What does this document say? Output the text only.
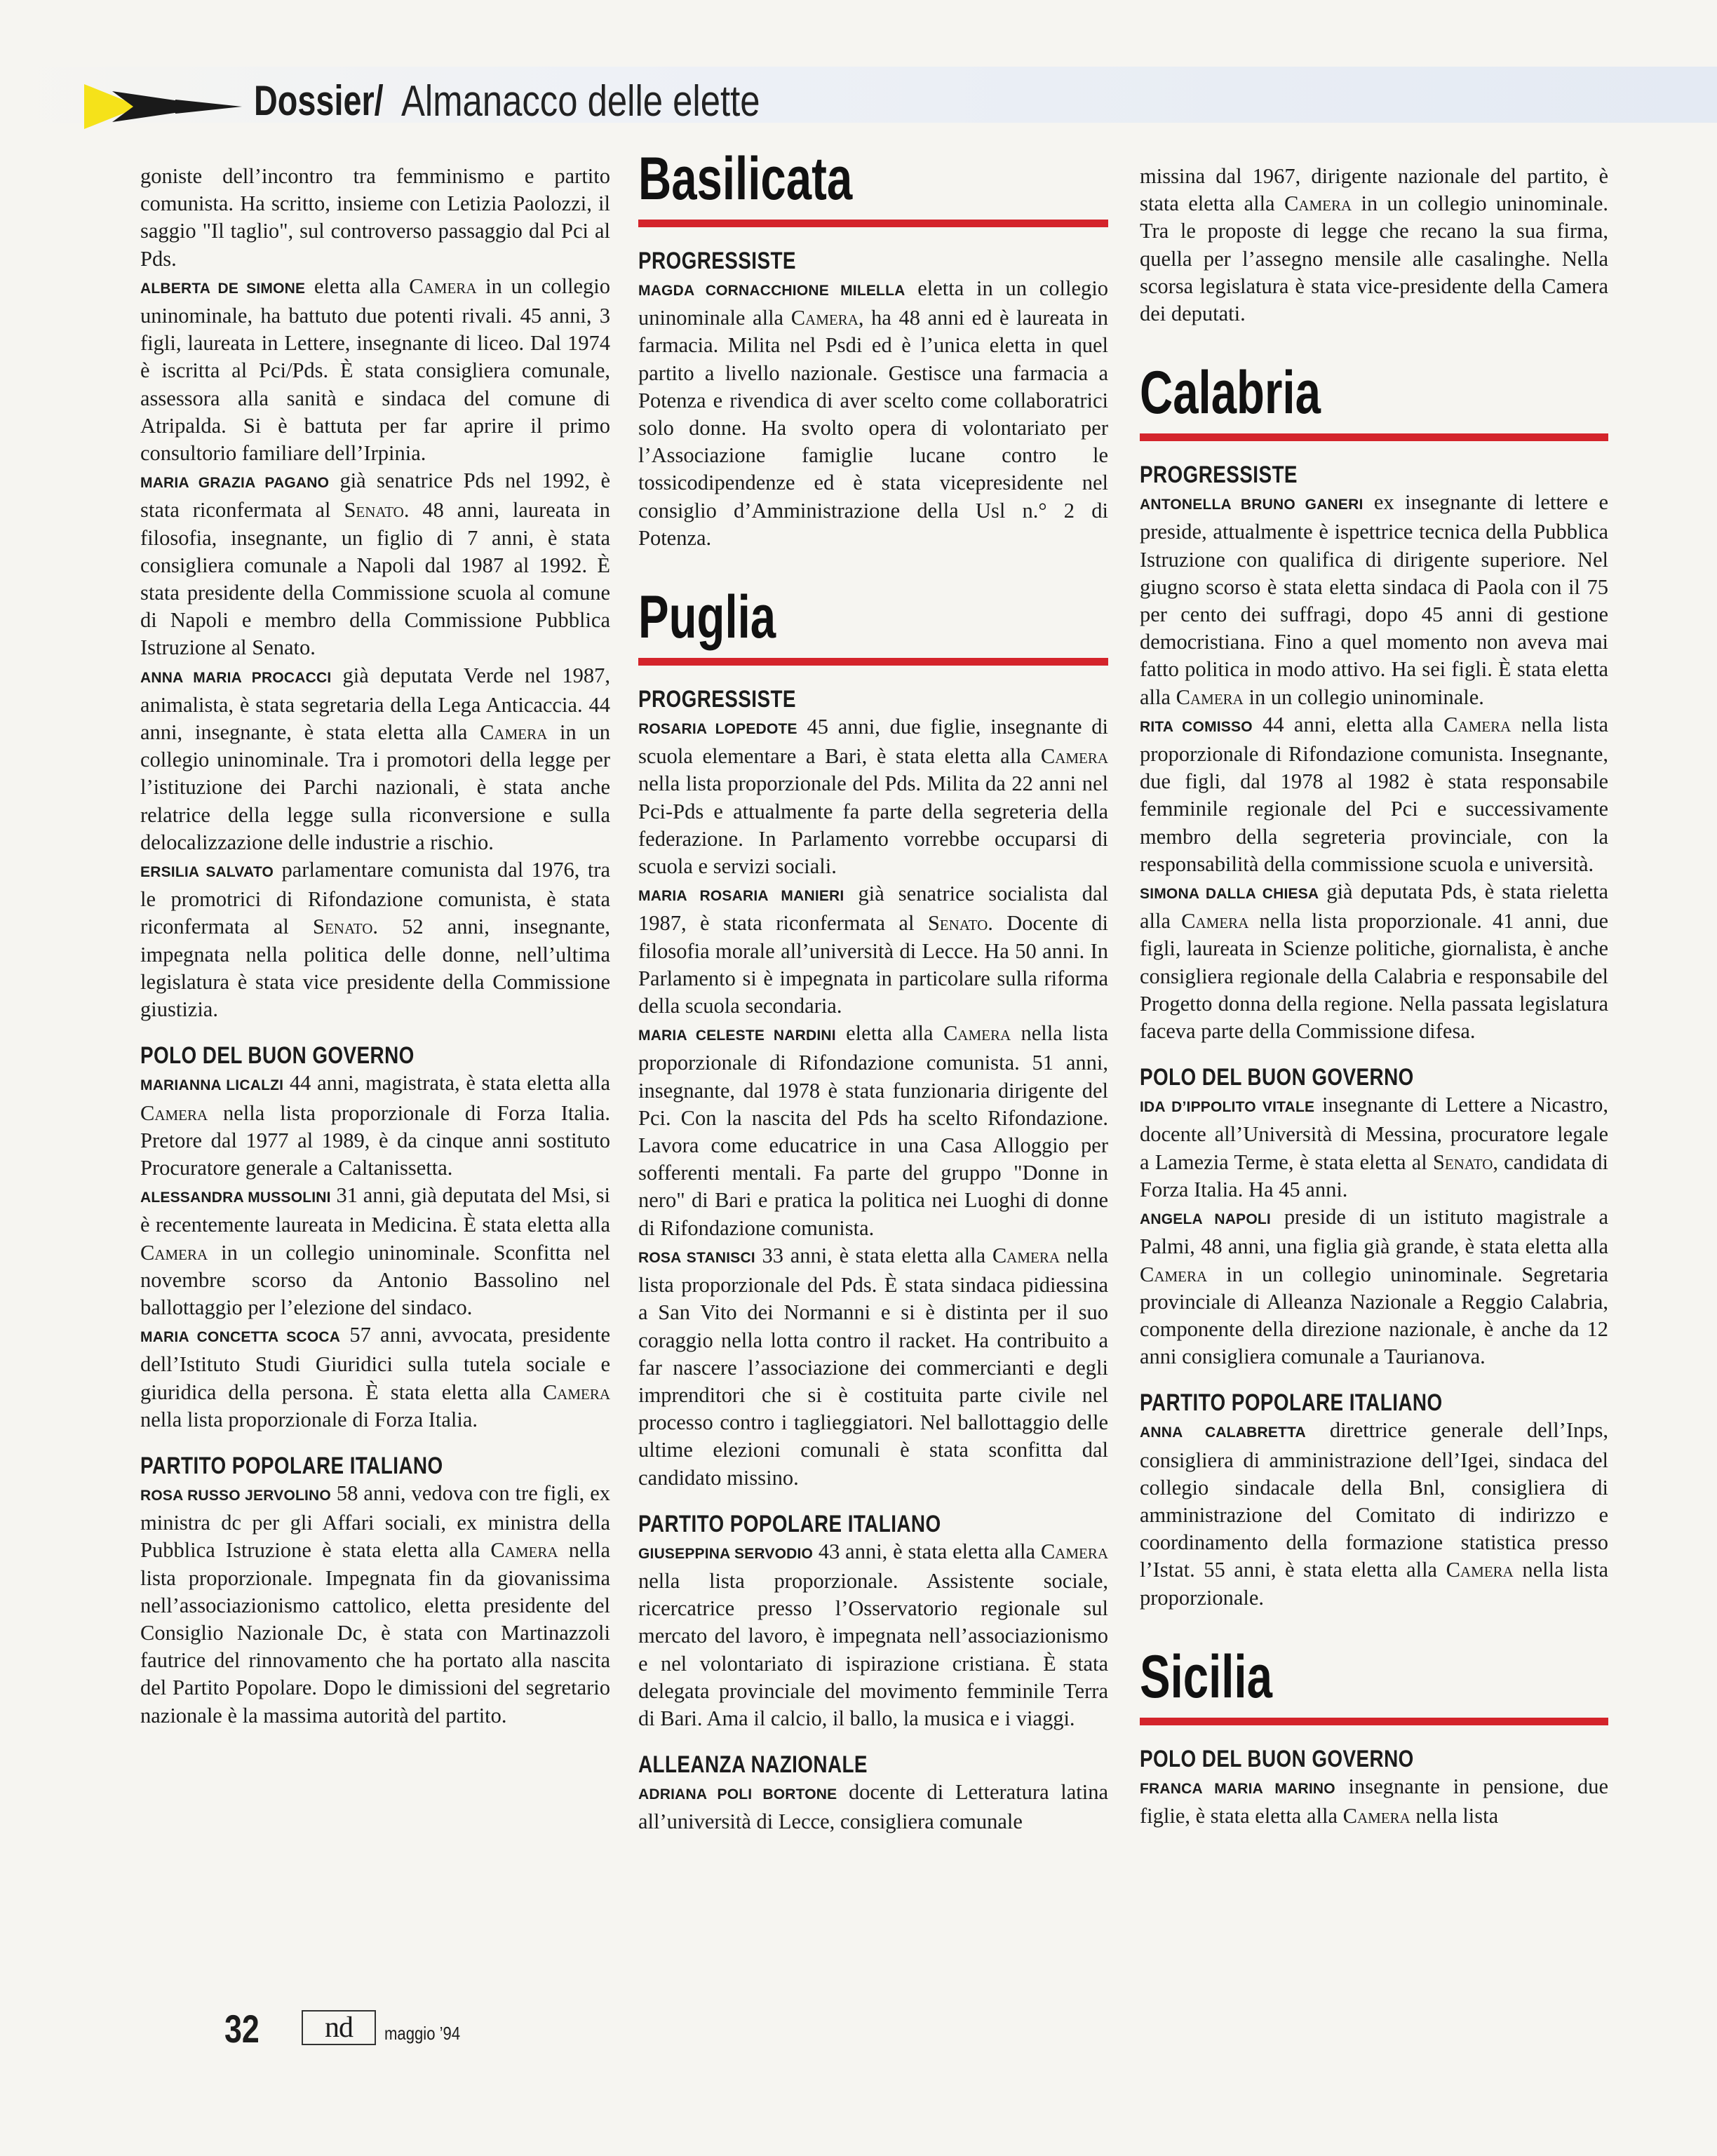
Dossier/ Almanacco delle elette

goniste dell’incontro tra femminismo e partito comunista. Ha scritto, insieme con Letizia Paolozzi, il saggio "Il taglio", sul controverso passaggio dal Pci al Pds.

ALBERTA DE SIMONE eletta alla Camera in un collegio uninominale, ha battuto due potenti rivali. 45 anni, 3 figli, laureata in Lettere, insegnante di liceo. Dal 1974 è iscritta al Pci/Pds. È stata consigliera comunale, assessora alla sanità e sindaca del comune di Atripalda. Si è battuta per far aprire il primo consultorio familiare dell’Irpinia.

MARIA GRAZIA PAGANO già senatrice Pds nel 1992, è stata riconfermata al Senato. 48 anni, laureata in filosofia, insegnante, un figlio di 7 anni, è stata consigliera comunale a Napoli dal 1987 al 1992. È stata presidente della Commissione scuola al comune di Napoli e membro della Commissione Pubblica Istruzione al Senato.

ANNA MARIA PROCACCI già deputata Verde nel 1987, animalista, è stata segretaria della Lega Anticaccia. 44 anni, insegnante, è stata eletta alla Camera in un collegio uninominale. Tra i promotori della legge per l’istituzione dei Parchi nazionali, è stata anche relatrice della legge sulla riconversione e sulla delocalizzazione delle industrie a rischio.

ERSILIA SALVATO parlamentare comunista dal 1976, tra le promotrici di Rifondazione comunista, è stata riconfermata al Senato. 52 anni, insegnante, impegnata nella politica delle donne, nell’ultima legislatura è stata vice presidente della Commissione giustizia.

POLO DEL BUON GOVERNO

MARIANNA LICALZI 44 anni, magistrata, è stata eletta alla Camera nella lista proporzionale di Forza Italia. Pretore dal 1977 al 1989, è da cinque anni sostituto Procuratore generale a Caltanissetta.

ALESSANDRA MUSSOLINI 31 anni, già deputata del Msi, si è recentemente laureata in Medicina. È stata eletta alla Camera in un collegio uninominale. Sconfitta nel novembre scorso da Antonio Bassolino nel ballottaggio per l’elezione del sindaco.

MARIA CONCETTA SCOCA 57 anni, avvocata, presidente dell’Istituto Studi Giuridici sulla tutela sociale e giuridica della persona. È stata eletta alla Camera nella lista proporzionale di Forza Italia.

PARTITO POPOLARE ITALIANO

ROSA RUSSO JERVOLINO 58 anni, vedova con tre figli, ex ministra dc per gli Affari sociali, ex ministra della Pubblica Istruzione è stata eletta alla Camera nella lista proporzionale. Impegnata fin da giovanissima nell’associazionismo cattolico, eletta presidente del Consiglio Nazionale Dc, è stata con Martinazzoli fautrice del rinnovamento che ha portato alla nascita del Partito Popolare. Dopo le dimissioni del segretario nazionale è la massima autorità del partito.

Basilicata

PROGRESSISTE

MAGDA CORNACCHIONE MILELLA eletta in un collegio uninominale alla Camera, ha 48 anni ed è laureata in farmacia. Milita nel Psdi ed è l’unica eletta in quel partito a livello nazionale. Gestisce una farmacia a Potenza e rivendica di aver scelto come collaboratrici solo donne. Ha svolto opera di volontariato per l’Associazione famiglie lucane contro le tossicodipendenze ed è stata vicepresidente nel consiglio d’Amministrazione della Usl n.° 2 di Potenza.

Puglia

PROGRESSISTE

ROSARIA LOPEDOTE 45 anni, due figlie, insegnante di scuola elementare a Bari, è stata eletta alla Camera nella lista proporzionale del Pds. Milita da 22 anni nel Pci-Pds e attualmente fa parte della segreteria della federazione. In Parlamento vorrebbe occuparsi di scuola e servizi sociali.

MARIA ROSARIA MANIERI già senatrice socialista dal 1987, è stata riconfermata al Senato. Docente di filosofia morale all’università di Lecce. Ha 50 anni. In Parlamento si è impegnata in particolare sulla riforma della scuola secondaria.

MARIA CELESTE NARDINI eletta alla Camera nella lista proporzionale di Rifondazione comunista. 51 anni, insegnante, dal 1978 è stata funzionaria dirigente del Pci. Con la nascita del Pds ha scelto Rifondazione. Lavora come educatrice in una Casa Alloggio per sofferenti mentali. Fa parte del gruppo "Donne in nero" di Bari e pratica la politica nei Luoghi di donne di Rifondazione comunista.

ROSA STANISCI 33 anni, è stata eletta alla Camera nella lista proporzionale del Pds. È stata sindaca pidiessina a San Vito dei Normanni e si è distinta per il suo coraggio nella lotta contro il racket. Ha contribuito a far nascere l’associazione dei commercianti e degli imprenditori che si è costituita parte civile nel processo contro i taglieggiatori. Nel ballottaggio delle ultime elezioni comunali è stata sconfitta dal candidato missino.

PARTITO POPOLARE ITALIANO

GIUSEPPINA SERVODIO 43 anni, è stata eletta alla Camera nella lista proporzionale. Assistente sociale, ricercatrice presso l’Osservatorio regionale sul mercato del lavoro, è impegnata nell’associazionismo e nel volontariato di ispirazione cristiana. È stata delegata provinciale del movimento femminile Terra di Bari. Ama il calcio, il ballo, la musica e i viaggi.

ALLEANZA NAZIONALE

ADRIANA POLI BORTONE docente di Letteratura latina all’università di Lecce, consigliera comunale

missina dal 1967, dirigente nazionale del partito, è stata eletta alla Camera in un collegio uninominale. Tra le proposte di legge che recano la sua firma, quella per l’assegno mensile alle casalinghe. Nella scorsa legislatura è stata vice-presidente della Camera dei deputati.

Calabria

PROGRESSISTE

ANTONELLA BRUNO GANERI ex insegnante di lettere e preside, attualmente è ispettrice tecnica della Pubblica Istruzione con qualifica di dirigente superiore. Nel giugno scorso è stata eletta sindaca di Paola con il 75 per cento dei suffragi, dopo 45 anni di gestione democristiana. Fino a quel momento non aveva mai fatto politica in modo attivo. Ha sei figli. È stata eletta alla Camera in un collegio uninominale.

RITA COMISSO 44 anni, eletta alla Camera nella lista proporzionale di Rifondazione comunista. Insegnante, due figli, dal 1978 al 1982 è stata responsabile femminile regionale del Pci e successivamente membro della segreteria provinciale, con la responsabilità della commissione scuola e università.

SIMONA DALLA CHIESA già deputata Pds, è stata rieletta alla Camera nella lista proporzionale. 41 anni, due figli, laureata in Scienze politiche, giornalista, è anche consigliera regionale della Calabria e responsabile del Progetto donna della regione. Nella passata legislatura faceva parte della Commissione difesa.

POLO DEL BUON GOVERNO

IDA D’IPPOLITO VITALE insegnante di Lettere a Nicastro, docente all’Università di Messina, procuratore legale a Lamezia Terme, è stata eletta al Senato, candidata di Forza Italia. Ha 45 anni.

ANGELA NAPOLI preside di un istituto magistrale a Palmi, 48 anni, una figlia già grande, è stata eletta alla Camera in un collegio uninominale. Segretaria provinciale di Alleanza Nazionale a Reggio Calabria, componente della direzione nazionale, è anche da 12 anni consigliera comunale a Taurianova.

PARTITO POPOLARE ITALIANO

ANNA CALABRETTA direttrice generale dell’Inps, consigliera di amministrazione dell’Igei, sindaca del collegio sindacale della Bnl, consigliera di amministrazione del Comitato di indirizzo e coordinamento della formazione statistica presso l’Istat. 55 anni, è stata eletta alla Camera nella lista proporzionale.

Sicilia

POLO DEL BUON GOVERNO

FRANCA MARIA MARINO insegnante in pensione, due figlie, è stata eletta alla Camera nella lista

32	nd	maggio ’94
